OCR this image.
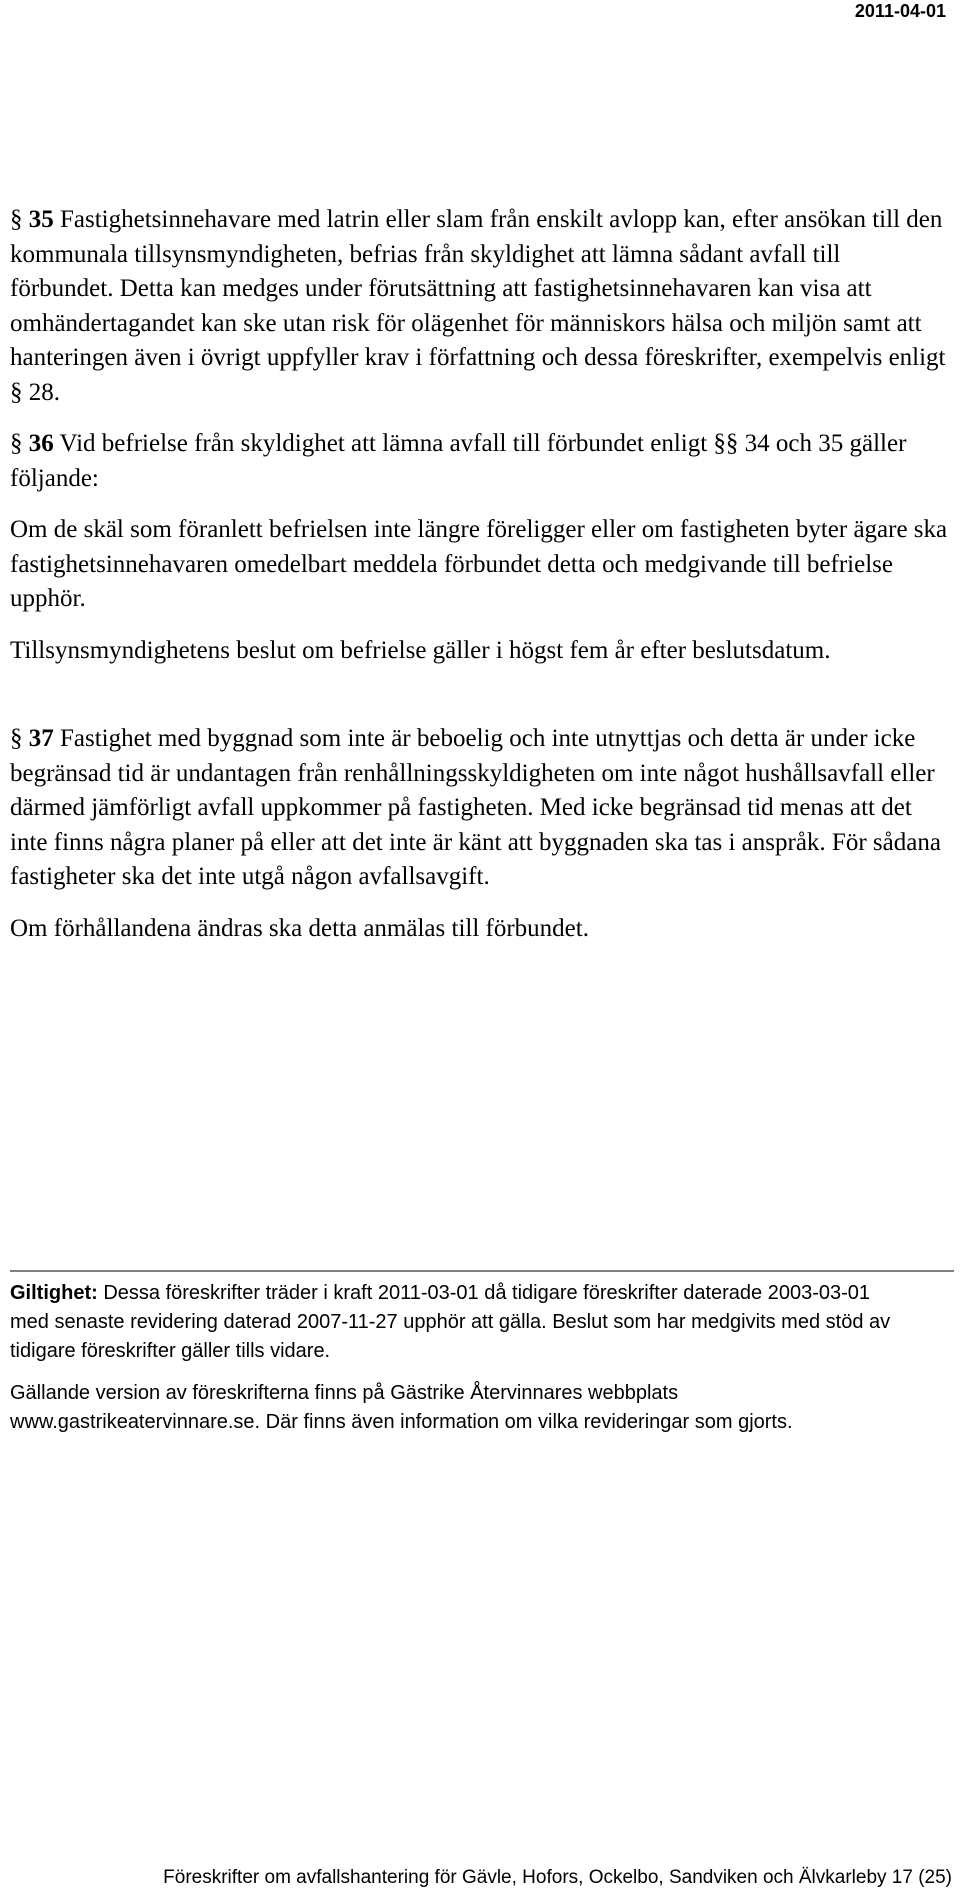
2011-04-01

§ 35 Fastighetsinnehavare med latrin eller slam från enskilt avlopp kan, efter ansökan till den kommunala tillsynsmyndigheten, befrias från skyldighet att lämna sådant avfall till förbundet. Detta kan medges under förutsättning att fastighetsinnehavaren kan visa att omhändertagandet kan ske utan risk för olägenhet för människors hälsa och miljön samt att hanteringen även i övrigt uppfyller krav i författning och dessa föreskrifter, exempelvis enligt § 28.

§ 36 Vid befrielse från skyldighet att lämna avfall till förbundet enligt §§ 34 och 35 gäller följande:

Om de skäl som föranlett befrielsen inte längre föreligger eller om fastigheten byter ägare ska fastighetsinnehavaren omedelbart meddela förbundet detta och medgivande till befrielse upphör.

Tillsynsmyndighetens beslut om befrielse gäller i högst fem år efter beslutsdatum.

§ 37 Fastighet med byggnad som inte är beboelig och inte utnyttjas och detta är under icke begränsad tid är undantagen från renhållningsskyldigheten om inte något hushållsavfall eller därmed jämförligt avfall uppkommer på fastigheten. Med icke begränsad tid menas att det inte finns några planer på eller att det inte är känt att byggnaden ska tas i anspråk. För sådana fastigheter ska det inte utgå någon avfallsavgift.

Om förhållandena ändras ska detta anmälas till förbundet.

Giltighet: Dessa föreskrifter träder i kraft 2011-03-01 då tidigare föreskrifter daterade 2003-03-01 med senaste revidering daterad 2007-11-27 upphör att gälla. Beslut som har medgivits med stöd av tidigare föreskrifter gäller tills vidare.

Gällande version av föreskrifterna finns på Gästrike Återvinnares webbplats www.gastrikeatervinnare.se. Där finns även information om vilka revideringar som gjorts.

Föreskrifter om avfallshantering för Gävle, Hofors, Ockelbo, Sandviken och Älvkarleby 17 (25)
